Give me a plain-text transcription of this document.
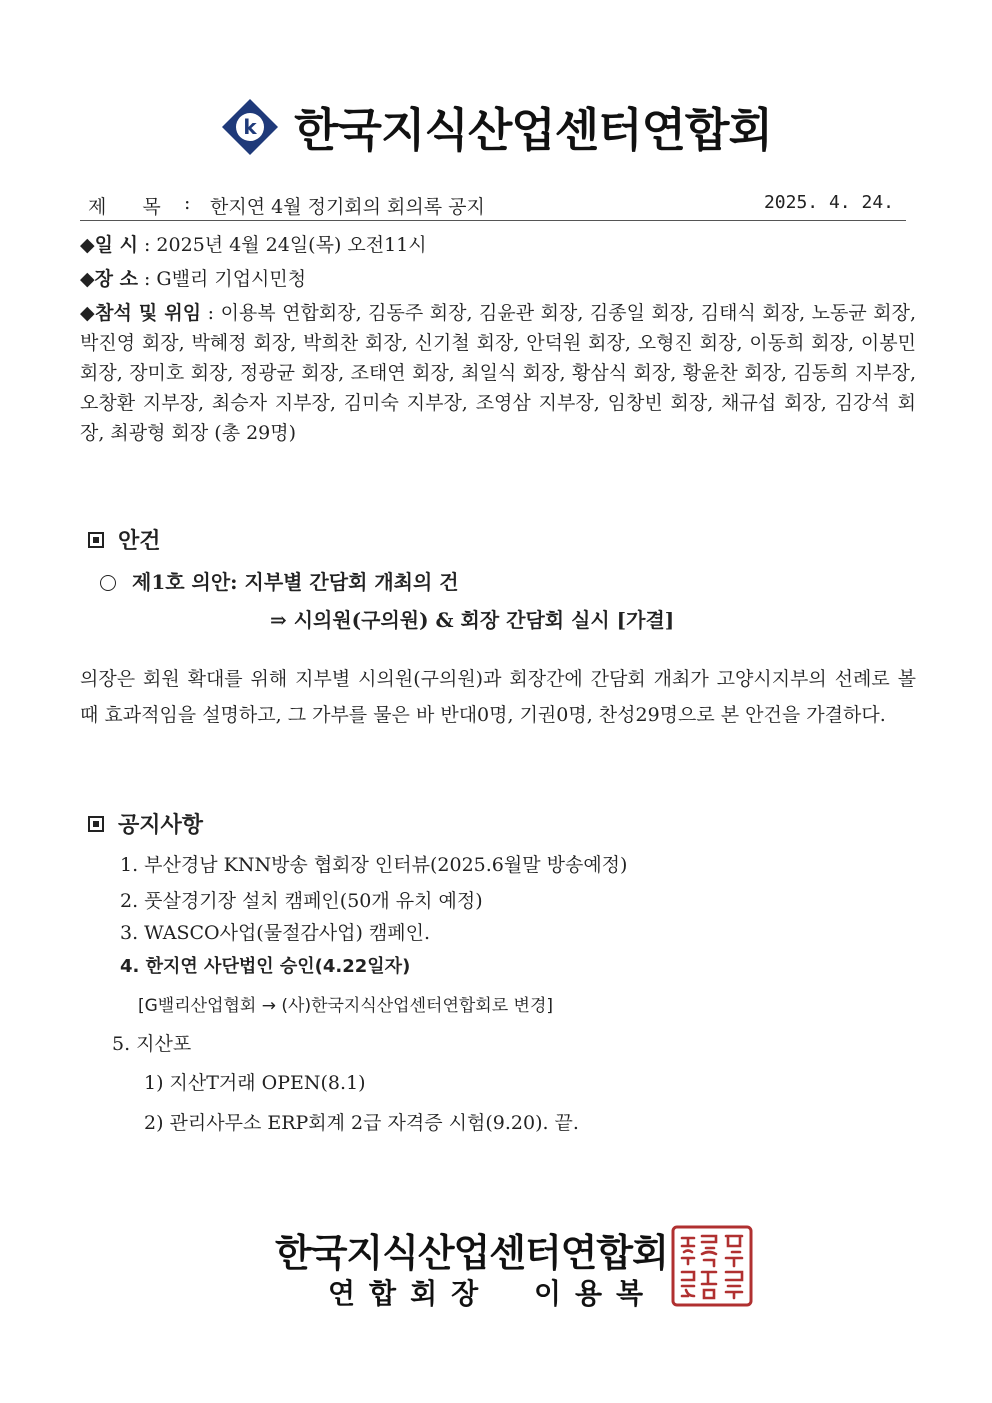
k 한국지식산업센터연합회
제 목 : 한지연 4월 정기회의 회의록 공지	2025. 4. 24.
◆일 시 : 2025년 4월 24일(목) 오전11시
◆장 소 : G밸리 기업시민청
◆참석 및 위임 : 이용복 연합회장, 김동주 회장, 김윤관 회장, 김종일 회장, 김태식 회장, 노동균 회장, 박진영 회장, 박혜정 회장, 박희찬 회장, 신기철 회장, 안덕원 회장, 오형진 회장, 이동희 회장, 이봉민 회장, 장미호 회장, 정광균 회장, 조태연 회장, 최일식 회장, 황삼식 회장, 황윤찬 회장, 김동희 지부장, 오창환 지부장, 최승자 지부장, 김미숙 지부장, 조영삼 지부장, 임창빈 회장, 채규섭 회장, 김강석 회장, 최광형 회장 (총 29명)
안건
제1호 의안: 지부별 간담회 개최의 건
⇒ 시의원(구의원) & 회장 간담회 실시 [가결]
의장은 회원 확대를 위해 지부별 시의원(구의원)과 회장간에 간담회 개최가 고양시지부의 선례로 볼 때 효과적임을 설명하고, 그 가부를 물은 바 반대0명, 기권0명, 찬성29명으로 본 안건을 가결하다.
공지사항
1. 부산경남 KNN방송 협회장 인터뷰(2025.6월말 방송예정)
2. 풋살경기장 설치 캠페인(50개 유치 예정)
3. WASCO사업(물절감사업) 캠페인.
4. 한지연 사단법인 승인(4.22일자)
[G밸리산업협회 → (사)한국지식산업센터연합회로 변경]
5. 지산포
1) 지산T거래 OPEN(8.1)
2) 관리사무소 ERP회계 2급 자격증 시험(9.20). 끝.
한국지식산업센터연합회
연합회장 이용복
